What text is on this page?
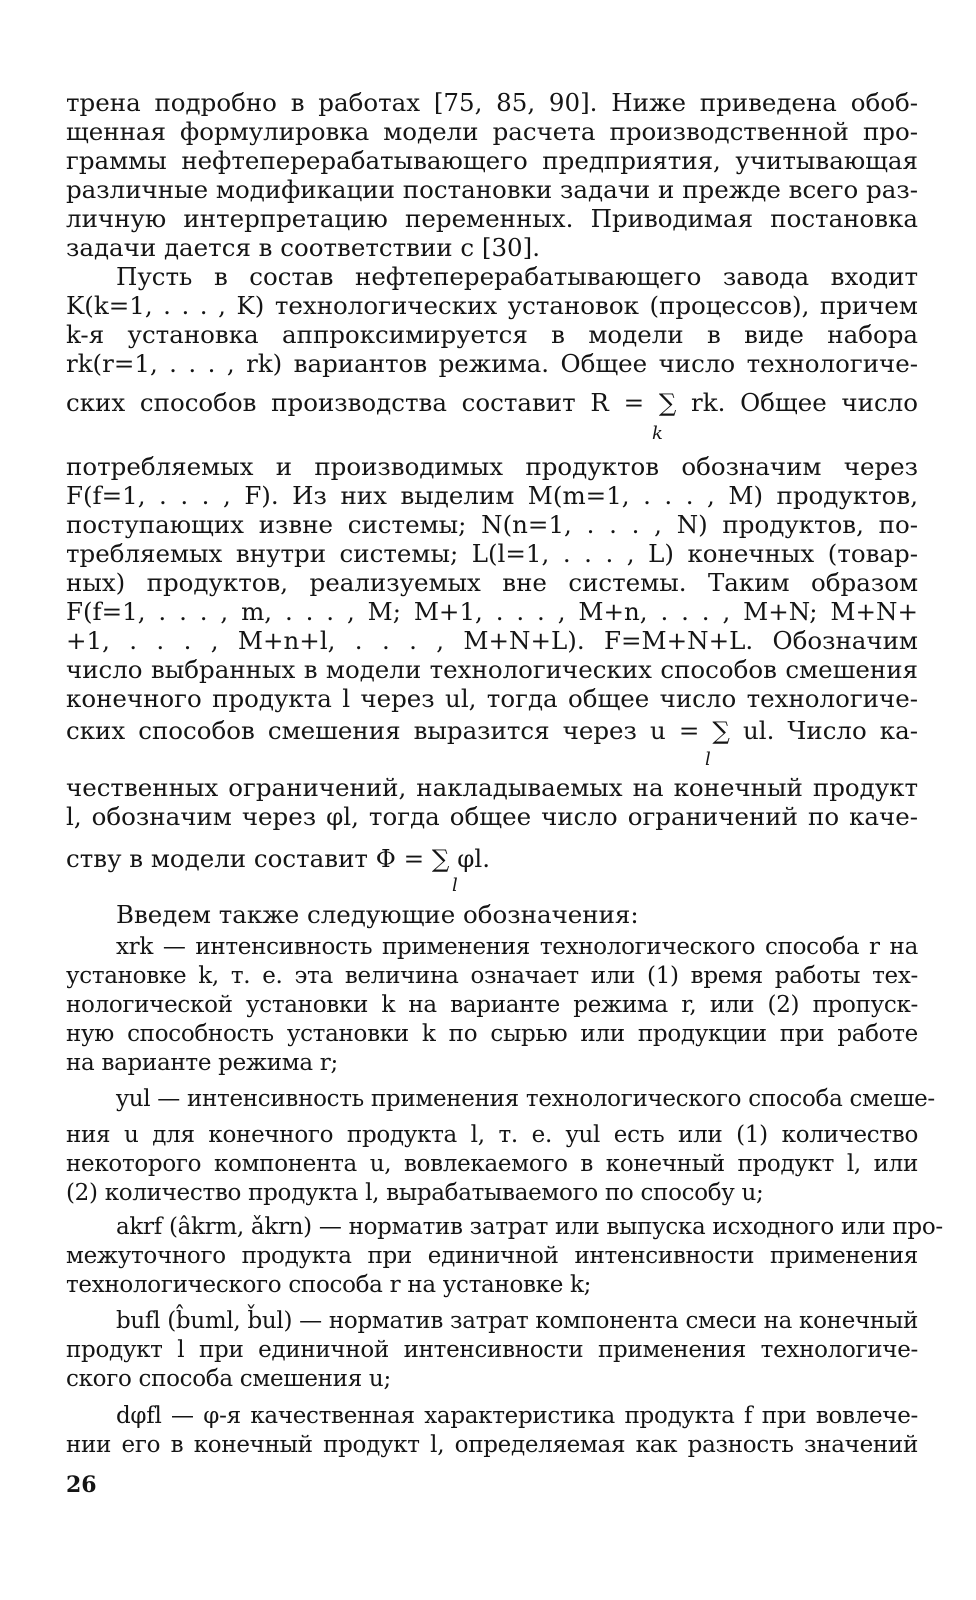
трена подробно в работах [75, 85, 90]. Ниже приведена обоб-
щенная формулировка модели расчета производственной про-
граммы нефтеперерабатывающего предприятия, учитывающая
различные модификации постановки задачи и прежде всего раз-
личную интерпретацию переменных. Приводимая постановка
задачи дается в соответствии с [30].
Пусть в состав нефтеперерабатывающего завода входит
K(k=1, . . . , K) технологических установок (процессов), причем
k-я установка аппроксимируется в модели в виде набора
rk(r=1, . . . , rk) вариантов режима. Общее число технологиче-
ских способов производства составит R = ∑ rk. Общее число
k
потребляемых и производимых продуктов обозначим через
F(f=1, . . . , F). Из них выделим M(m=1, . . . , M) продуктов,
поступающих извне системы; N(n=1, . . . , N) продуктов, по-
требляемых внутри системы; L(l=1, . . . , L) конечных (товар-
ных) продуктов, реализуемых вне системы. Таким образом
F(f=1, . . . , m, . . . , M; M+1, . . . , M+n, . . . , M+N; M+N+
+1, . . . , M+n+l, . . . , M+N+L). F=M+N+L. Обозначим
число выбранных в модели технологических способов смешения
конечного продукта l через ul, тогда общее число технологиче-
ских способов смешения выразится через u = ∑ ul. Число ка-
l
чественных ограничений, накладываемых на конечный продукт
l, обозначим через φl, тогда общее число ограничений по каче-
ству в модели составит Φ = ∑ φl.
l
Введем также следующие обозначения:
xrk — интенсивность применения технологического способа r на
установке k, т. е. эта величина означает или (1) время работы тех-
нологической установки k на варианте режима r, или (2) пропуск-
ную способность установки k по сырью или продукции при работе
на варианте режима r;
yul — интенсивность применения технологического способа смеше-
ния u для конечного продукта l, т. е. yul есть или (1) количество
некоторого компонента u, вовлекаемого в конечный продукт l, или
(2) количество продукта l, вырабатываемого по способу u;
akrf (âkrm, ǎkrn) — норматив затрат или выпуска исходного или про-
межуточного продукта при единичной интенсивности применения
технологического способа r на установке k;
bufl (b̂uml, b̌ul) — норматив затрат компонента смеси на конечный
продукт l при единичной интенсивности применения технологиче-
ского способа смешения u;
dφfl — φ-я качественная характеристика продукта f при вовлече-
нии его в конечный продукт l, определяемая как разность значений
26
